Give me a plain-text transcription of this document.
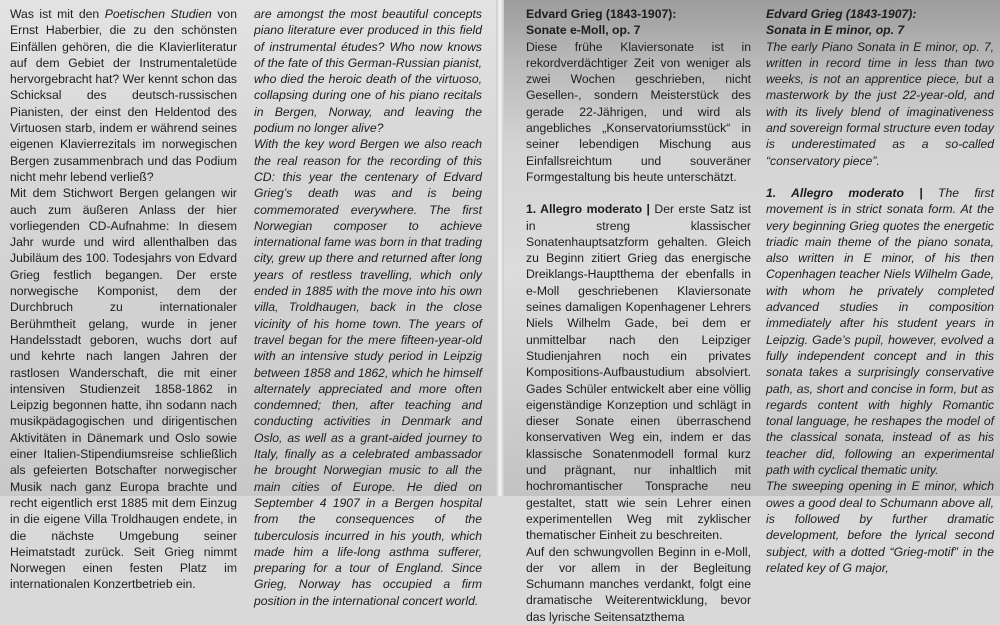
Was ist mit den Poetischen Studien von Ernst Haberbier, die zu den schönsten Einfällen gehören, die die Klavierliteratur auf dem Gebiet der Instrumentaletüde hervorgebracht hat? Wer kennt schon das Schicksal des deutsch-russischen Pianisten, der einst den Heldentod des Virtuosen starb, indem er während seines eigenen Klavierrezitals im norwegischen Bergen zusammenbrach und das Podium nicht mehr lebend verließ?

Mit dem Stichwort Bergen gelangen wir auch zum äußeren Anlass der hier vorliegenden CD-Aufnahme: In diesem Jahr wurde und wird allenthalben das Jubiläum des 100. Todesjahrs von Edvard Grieg festlich begangen. Der erste norwegische Komponist, dem der Durchbruch zu internationaler Berühmtheit gelang, wurde in jener Handelsstadt geboren, wuchs dort auf und kehrte nach langen Jahren der rastlosen Wanderschaft, die mit einer intensiven Studienzeit 1858-1862 in Leipzig begonnen hatte, ihn sodann nach musikpädagogischen und dirigentischen Aktivitäten in Dänemark und Oslo sowie einer Italien-Stipendiumsreise schließlich als gefeierten Botschafter norwegischer Musik nach ganz Europa brachte und recht eigentlich erst 1885 mit dem Einzug in die eigene Villa Troldhaugen endete, in die nächste Umgebung seiner Heimatstadt zurück. Seit Grieg nimmt Norwegen einen festen Platz im internationalen Konzertbetrieb ein.

are amongst the most beautiful concepts piano literature ever produced in this field of instrumental études? Who now knows of the fate of this German-Russian pianist, who died the heroic death of the virtuoso, collapsing during one of his piano recitals in Bergen, Norway, and leaving the podium no longer alive?

With the key word Bergen we also reach the real reason for the recording of this CD: this year the centenary of Edvard Grieg’s death was and is being commemorated everywhere. The first Norwegian composer to achieve international fame was born in that trading city, grew up there and returned after long years of restless travelling, which only ended in 1885 with the move into his own villa, Troldhaugen, back in the close vicinity of his home town. The years of travel began for the mere fifteen-year-old with an intensive study period in Leipzig between 1858 and 1862, which he himself alternately appreciated and more often condemned; then, after teaching and conducting activities in Denmark and Oslo, as well as a grant-aided journey to Italy, finally as a celebrated ambassador he brought Norwegian music to all the main cities of Europe. He died on September 4 1907 in a Bergen hospital from the consequences of the tuberculosis incurred in his youth, which made him a life-long asthma sufferer, preparing for a tour of England. Since Grieg, Norway has occupied a firm position in the international concert world.

Edvard Grieg (1843-1907):

Sonate e-Moll, op. 7

Diese frühe Klaviersonate ist in rekordverdächtiger Zeit von weniger als zwei Wochen geschrieben, nicht Gesellen-, sondern Meisterstück des gerade 22-Jährigen, und wird als angebliches „Konservatoriumsstück“ in seiner lebendigen Mischung aus Einfallsreichtum und souveräner Formgestaltung bis heute unterschätzt.

1. Allegro moderato | Der erste Satz ist in streng klassischer Sonatenhauptsatzform gehalten. Gleich zu Beginn zitiert Grieg das energische Dreiklangs-Hauptthema der ebenfalls in e-Moll geschriebenen Klaviersonate seines damaligen Kopenhagener Lehrers Niels Wilhelm Gade, bei dem er unmittelbar nach den Leipziger Studienjahren noch ein privates Kompositions-Aufbaustudium absolviert. Gades Schüler entwickelt aber eine völlig eigenständige Konzeption und schlägt in dieser Sonate einen überraschend konservativen Weg ein, indem er das klassische Sonatenmodell formal kurz und prägnant, nur inhaltlich mit hochromantischer Tonsprache neu gestaltet, statt wie sein Lehrer einen experimentellen Weg mit zyklischer thematischer Einheit zu beschreiten.

Auf den schwungvollen Beginn in e-Moll, der vor allem in der Begleitung Schumann manches verdankt, folgt eine dramatische Weiterentwicklung, bevor das lyrische Seitensatzthema

Edvard Grieg (1843-1907):

Sonata in E minor, op. 7

The early Piano Sonata in E minor, op. 7, written in record time in less than two weeks, is not an apprentice piece, but a masterwork by the just 22-year-old, and with its lively blend of imaginativeness and sovereign formal structure even today is underestimated as a so-called “conservatory piece”.

1. Allegro moderato | The first movement is in strict sonata form. At the very beginning Grieg quotes the energetic triadic main theme of the piano sonata, also written in E minor, of his then Copenhagen teacher Niels Wilhelm Gade, with whom he privately completed advanced studies in composition immediately after his student years in Leipzig. Gade’s pupil, however, evolved a fully independent concept and in this sonata takes a surprisingly conservative path, as, short and concise in form, but as regards content with highly Romantic tonal language, he reshapes the model of the classical sonata, instead of as his teacher did, following an experimental path with cyclical thematic unity.

The sweeping opening in E minor, which owes a good deal to Schumann above all, is followed by further dramatic development, before the lyrical second subject, with a dotted “Grieg-motif” in the related key of G major,
